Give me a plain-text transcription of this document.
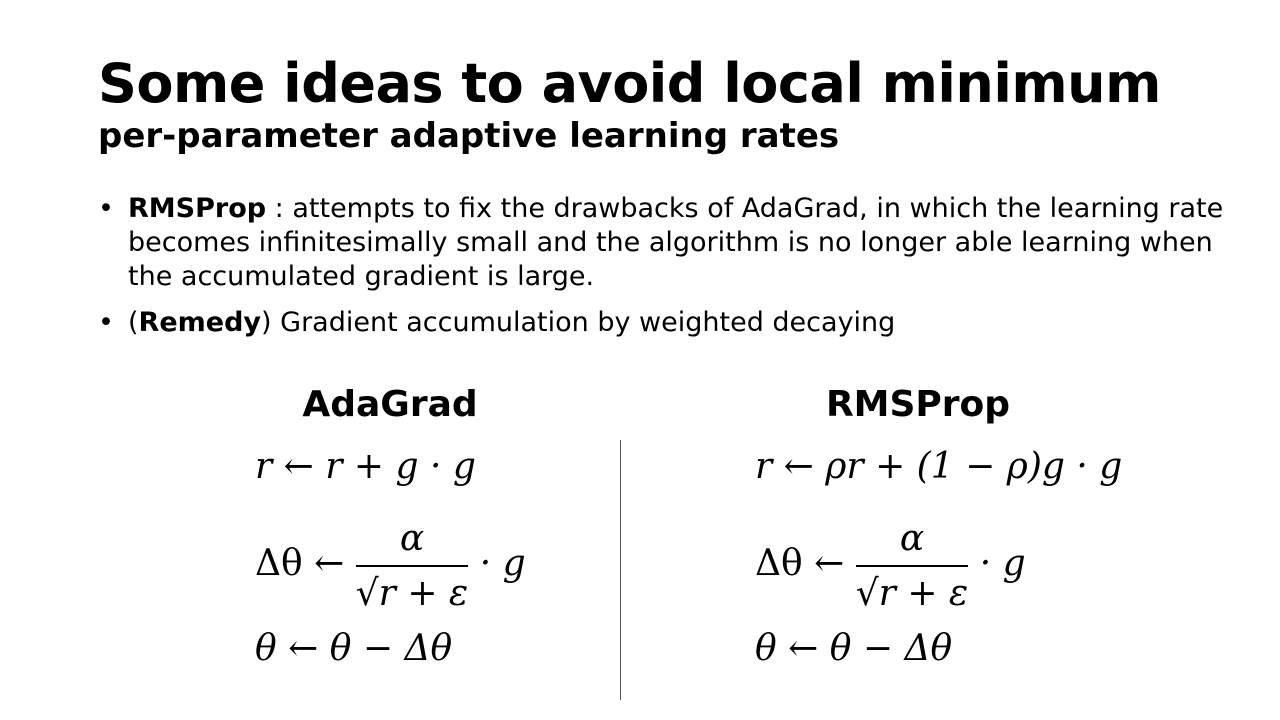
Some ideas to avoid local minimum
per-parameter adaptive learning rates
• RMSProp : attempts to fix the drawbacks of AdaGrad, in which the learning rate becomes infinitesimally small and the algorithm is no longer able learning when the accumulated gradient is large.
• (Remedy) Gradient accumulation by weighted decaying
AdaGrad
r ← r + g · g
Δθ ← $\frac{\alpha}{√r + \varepsilon} \cdot g$
θ ← θ − Δθ
RMSProp
r ← ρr + (1 − ρ)g · g
Δθ ← $\frac{\alpha}{√r + \varepsilon} \cdot g$
θ ← θ − Δθ
